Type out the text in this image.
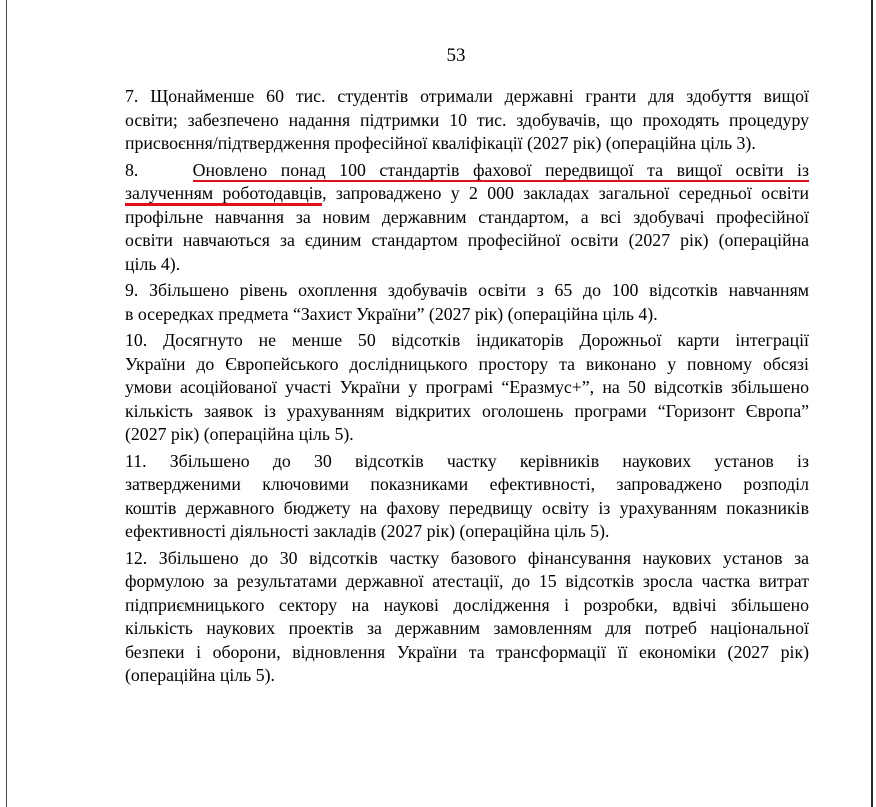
53
7. Щонайменше 60 тис. студентів отримали державні гранти для здобуття вищої
освіти; забезпечено надання підтримки 10 тис. здобувачів, що проходять процедуру
присвоєння/підтвердження професійної кваліфікації (2027 рік) (операційна ціль 3).
8.    Оновлено понад 100 стандартів фахової передвищої та вищої освіти із
залученням роботодавців, запроваджено у 2 000 закладах загальної середньої освіти
профільне навчання за новим державним стандартом, а всі здобувачі професійної
освіти навчаються за єдиним стандартом професійної освіти (2027 рік) (операційна
ціль 4).
9. Збільшено рівень охоплення здобувачів освіти з 65 до 100 відсотків навчанням
в осередках предмета “Захист України” (2027 рік) (операційна ціль 4).
10. Досягнуто не менше 50 відсотків індикаторів Дорожньої карти інтеграції
України до Європейського дослідницького простору та виконано у повному обсязі
умови асоційованої участі України у програмі “Еразмус+”, на 50 відсотків збільшено
кількість заявок із урахуванням відкритих оголошень програми “Горизонт Європа”
(2027 рік) (операційна ціль 5).
11. Збільшено до 30 відсотків частку керівників наукових установ із
затвердженими ключовими показниками ефективності, запроваджено розподіл
коштів державного бюджету на фахову передвищу освіту із урахуванням показників
ефективності діяльності закладів (2027 рік) (операційна ціль 5).
12. Збільшено до 30 відсотків частку базового фінансування наукових установ за
формулою за результатами державної атестації, до 15 відсотків зросла частка витрат
підприємницького сектору на наукові дослідження і розробки, вдвічі збільшено
кількість наукових проектів за державним замовленням для потреб національної
безпеки і оборони, відновлення України та трансформації її економіки (2027 рік)
(операційна ціль 5).
